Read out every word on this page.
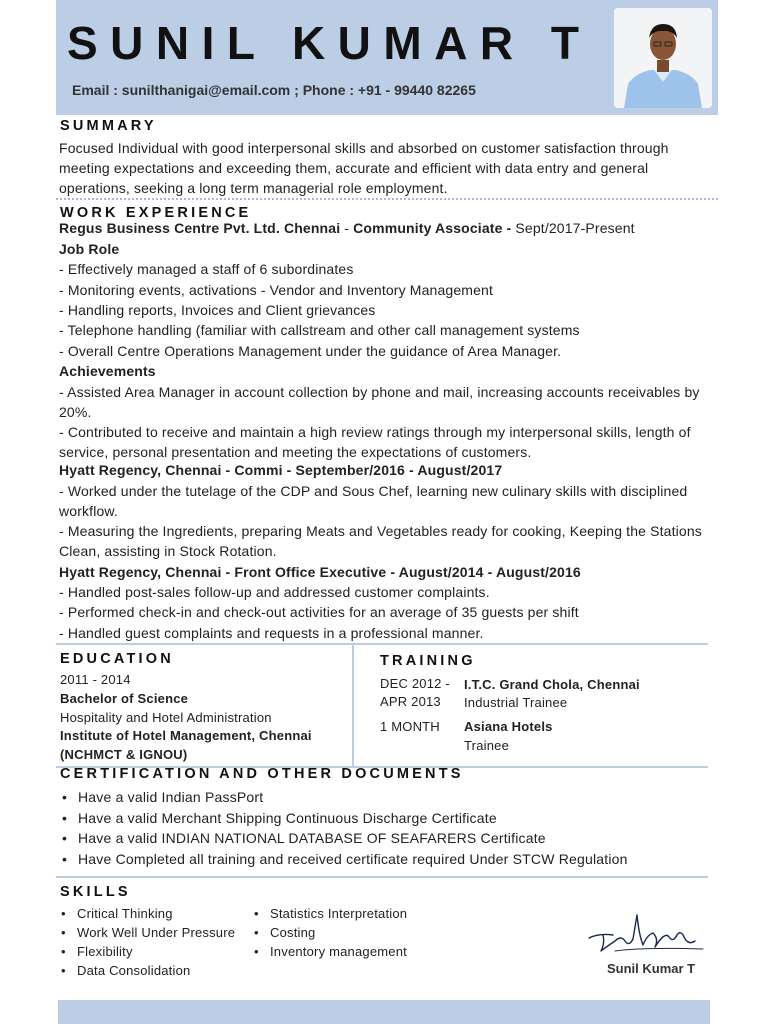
SUNIL KUMAR T
Email : sunilthanigai@email.com ; Phone : +91 - 99440 82265
SUMMARY
Focused Individual with good interpersonal skills and absorbed on customer satisfaction through meeting expectations and exceeding them, accurate and efficient with data entry and general operations, seeking a long term managerial role employment.
WORK EXPERIENCE
Regus Business Centre Pvt. Ltd. Chennai - Community Associate - Sept/2017-Present
Job Role
- Effectively managed a staff of 6 subordinates
- Monitoring events, activations - Vendor and Inventory Management
- Handling reports, Invoices and Client grievances
- Telephone handling (familiar with callstream and other call management systems
- Overall Centre Operations Management under the guidance of Area Manager.
Achievements
- Assisted Area Manager in account collection by phone and mail, increasing accounts receivables by 20%.
- Contributed to receive and maintain a high review ratings through my interpersonal skills, length of service, personal presentation and meeting the expectations of customers.
Hyatt Regency, Chennai - Commi - September/2016 - August/2017
- Worked under the tutelage of the CDP and Sous Chef, learning new culinary skills with disciplined workflow.
- Measuring the Ingredients, preparing Meats and Vegetables ready for cooking, Keeping the Stations Clean, assisting in Stock Rotation.
Hyatt Regency, Chennai - Front Office Executive - August/2014 - August/2016
- Handled post-sales follow-up and addressed customer complaints.
- Performed check-in and check-out activities for an average of 35 guests per shift
- Handled guest complaints and requests in a professional manner.
EDUCATION
2011 - 2014
Bachelor of Science
Hospitality and Hotel Administration
Institute of Hotel Management, Chennai
(NCHMCT & IGNOU)
TRAINING
DEC 2012 -
APR 2013
I.T.C. Grand Chola, Chennai
Industrial Trainee
1 MONTH Asiana Hotels
Trainee
CERTIFICATION AND OTHER DOCUMENTS
• Have a valid Indian PassPort
• Have a valid Merchant Shipping Continuous Discharge Certificate
• Have a valid INDIAN NATIONAL DATABASE OF SEAFARERS Certificate
• Have Completed all training and received certificate required Under STCW Regulation
SKILLS
• Critical Thinking
• Work Well Under Pressure
• Flexibility
• Data Consolidation
• Statistics Interpretation
• Costing
• Inventory management
Sunil Kumar T
